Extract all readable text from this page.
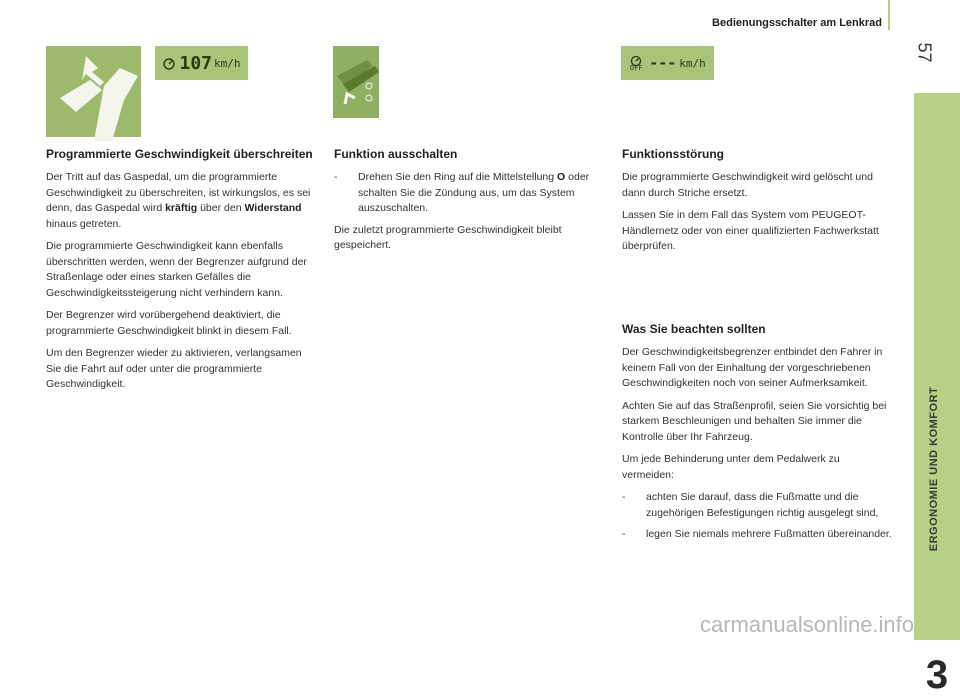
Bedienungsschalter am Lenkrad
57
ERGONOMIE UND KOMFORT
3
107 km/h	OFF --- km/h
Programmierte Geschwindigkeit überschreiten

Der Tritt auf das Gaspedal, um die programmierte Geschwindigkeit zu überschreiten, ist wirkungslos, es sei denn, das Gaspedal wird kräftig über den Widerstand hinaus getreten.

Die programmierte Geschwindigkeit kann ebenfalls überschritten werden, wenn der Begrenzer aufgrund der Straßenlage oder eines starken Gefälles die Geschwindigkeitssteigerung nicht verhindern kann.

Der Begrenzer wird vorübergehend deaktiviert, die programmierte Geschwindigkeit blinkt in diesem Fall.

Um den Begrenzer wieder zu aktivieren, verlangsamen Sie die Fahrt auf oder unter die programmierte Geschwindigkeit.

Funktion ausschalten
-	Drehen Sie den Ring auf die Mittelstellung O oder schalten Sie die Zündung aus, um das System auszuschalten.

Die zuletzt programmierte Geschwindigkeit bleibt gespeichert.

Funktionsstörung

Die programmierte Geschwindigkeit wird gelöscht und dann durch Striche ersetzt.

Lassen Sie in dem Fall das System vom PEUGEOT-Händlernetz oder von einer qualifizierten Fachwerkstatt überprüfen.

Was Sie beachten sollten

Der Geschwindigkeitsbegrenzer entbindet den Fahrer in keinem Fall von der Einhaltung der vorgeschriebenen Geschwindigkeiten noch von seiner Aufmerksamkeit.

Achten Sie auf das Straßenprofil, seien Sie vorsichtig bei starkem Beschleunigen und behalten Sie immer die Kontrolle über Ihr Fahrzeug.

Um jede Behinderung unter dem Pedalwerk zu vermeiden:

-	achten Sie darauf, dass die Fußmatte und die zugehörigen Befestigungen richtig ausgelegt sind,
-	legen Sie niemals mehrere Fußmatten übereinander.
carmanualsonline.info
